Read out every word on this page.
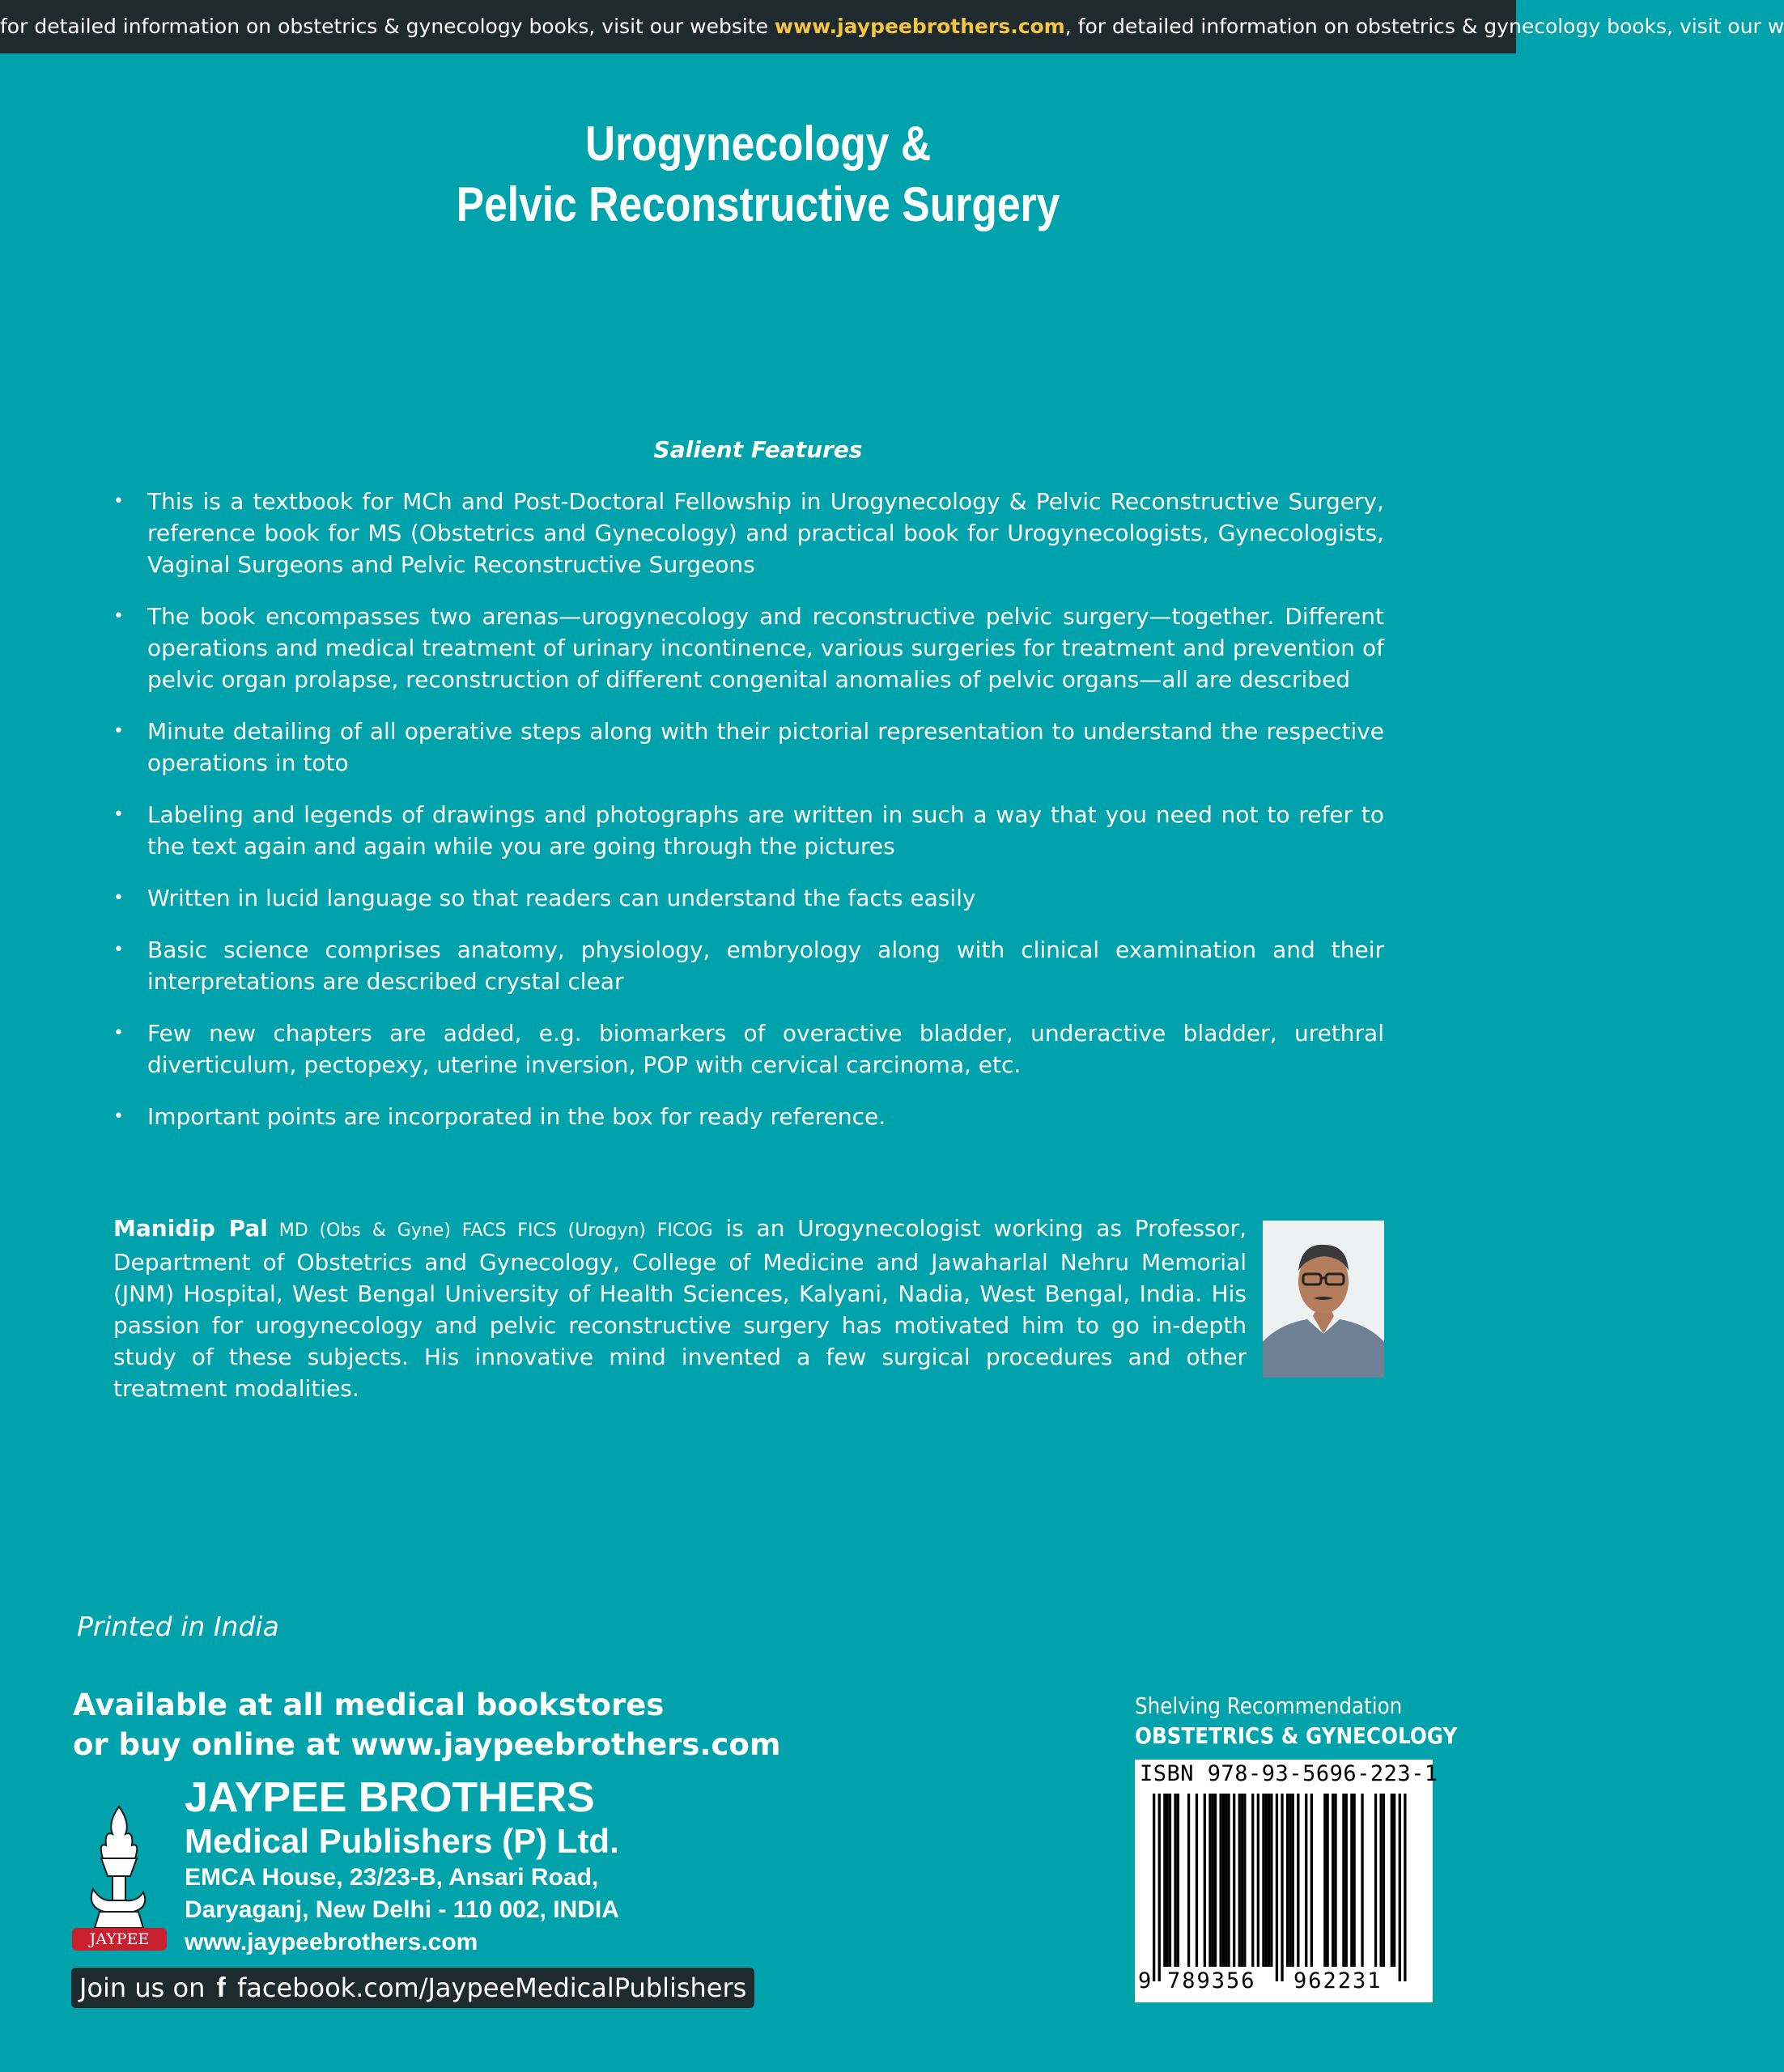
for detailed information on obstetrics & gynecology books, visit our website www.jaypeebrothers.com, for detailed information on obstetrics & gynecology books, visit our w
Urogynecology &
Pelvic Reconstructive Surgery
Salient Features
• This is a textbook for MCh and Post-Doctoral Fellowship in Urogynecology & Pelvic Reconstructive Surgery, reference book for MS (Obstetrics and Gynecology) and practical book for Urogynecologists, Gynecologists, Vaginal Surgeons and Pelvic Reconstructive Surgeons
• The book encompasses two arenas—urogynecology and reconstructive pelvic surgery—together. Different operations and medical treatment of urinary incontinence, various surgeries for treatment and prevention of pelvic organ prolapse, reconstruction of different congenital anomalies of pelvic organs—all are described
• Minute detailing of all operative steps along with their pictorial representation to understand the respective operations in toto
• Labeling and legends of drawings and photographs are written in such a way that you need not to refer to the text again and again while you are going through the pictures
• Written in lucid language so that readers can understand the facts easily
• Basic science comprises anatomy, physiology, embryology along with clinical examination and their interpretations are described crystal clear
• Few new chapters are added, e.g. biomarkers of overactive bladder, underactive bladder, urethral diverticulum, pectopexy, uterine inversion, POP with cervical carcinoma, etc.
• Important points are incorporated in the box for ready reference.
Manidip Pal MD (Obs & Gyne) FACS FICS (Urogyn) FICOG is an Urogynecologist working as Professor, Department of Obstetrics and Gynecology, College of Medicine and Jawaharlal Nehru Memorial (JNM) Hospital, West Bengal University of Health Sciences, Kalyani, Nadia, West Bengal, India. His passion for urogynecology and pelvic reconstructive surgery has motivated him to go in-depth study of these subjects. His innovative mind invented a few surgical procedures and other treatment modalities.
Printed in India
Available at all medical bookstores
or buy online at www.jaypeebrothers.com
JAYPEE
JAYPEE BROTHERS
Medical Publishers (P) Ltd.
EMCA House, 23/23-B, Ansari Road,
Daryaganj, New Delhi - 110 002, INDIA
www.jaypeebrothers.com
Join us on f facebook.com/JaypeeMedicalPublishers
Shelving Recommendation
OBSTETRICS & GYNECOLOGY
ISBN 978-93-5696-223-1
9 789356 962231
